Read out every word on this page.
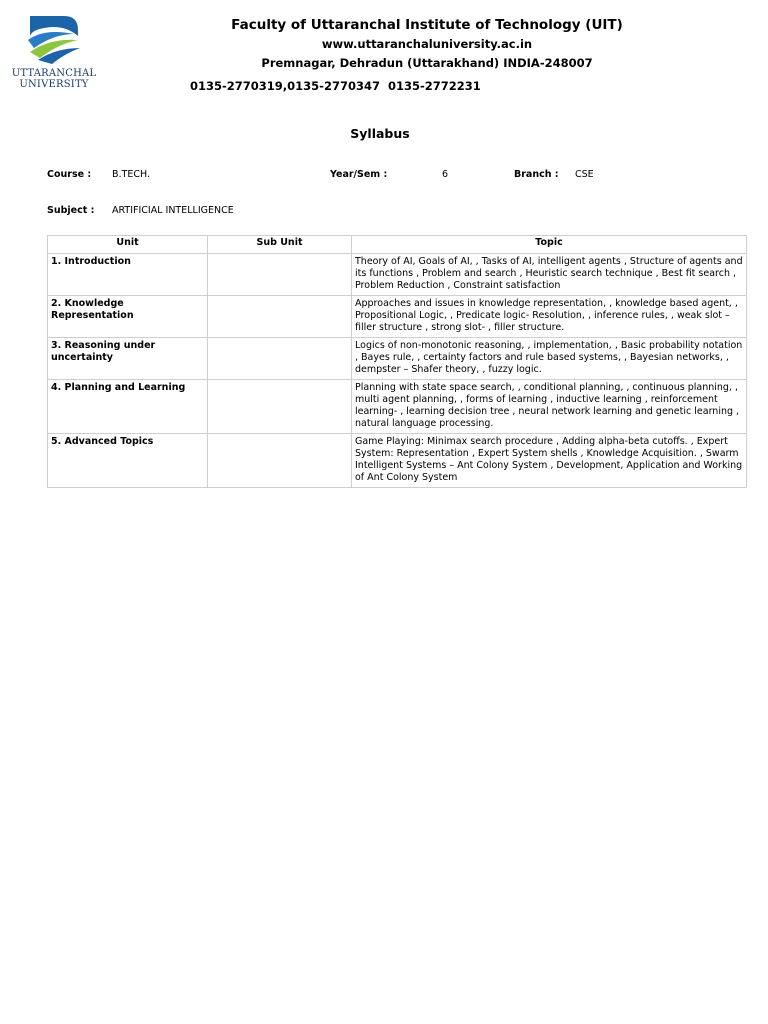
UTTARANCHAL
UNIVERSITY
Faculty of Uttaranchal Institute of Technology (UIT)
www.uttaranchaluniversity.ac.in
Premnagar, Dehradun (Uttarakhand) INDIA-248007
0135-2770319,0135-2770347 0135-2772231
Syllabus
Course : B.TECH.	Year/Sem :	6	Branch : CSE
Subject : ARTIFICIAL INTELLIGENCE
Unit	Sub Unit	Topic
1. Introduction		Theory of AI, Goals of AI, , Tasks of AI, intelligent agents , Structure of agents and its functions , Problem and search , Heuristic search technique , Best fit search , Problem Reduction , Constraint satisfaction
2. Knowledge Representation		Approaches and issues in knowledge representation, , knowledge based agent, , Propositional Logic, , Predicate logic- Resolution, , inference rules, , weak slot –filler structure , strong slot- , filler structure.
3. Reasoning under uncertainty		Logics of non-monotonic reasoning, , implementation, , Basic probability notation , Bayes rule, , certainty factors and rule based systems, , Bayesian networks, , dempster – Shafer theory, , fuzzy logic.
4. Planning and Learning		Planning with state space search, , conditional planning, , continuous planning, , multi agent planning, , forms of learning , inductive learning , reinforcement learning- , learning decision tree , neural network learning and genetic learning , natural language processing.
5. Advanced Topics		Game Playing: Minimax search procedure , Adding alpha-beta cutoffs. , Expert System: Representation , Expert System shells , Knowledge Acquisition. , Swarm Intelligent Systems – Ant Colony System , Development, Application and Working of Ant Colony System
